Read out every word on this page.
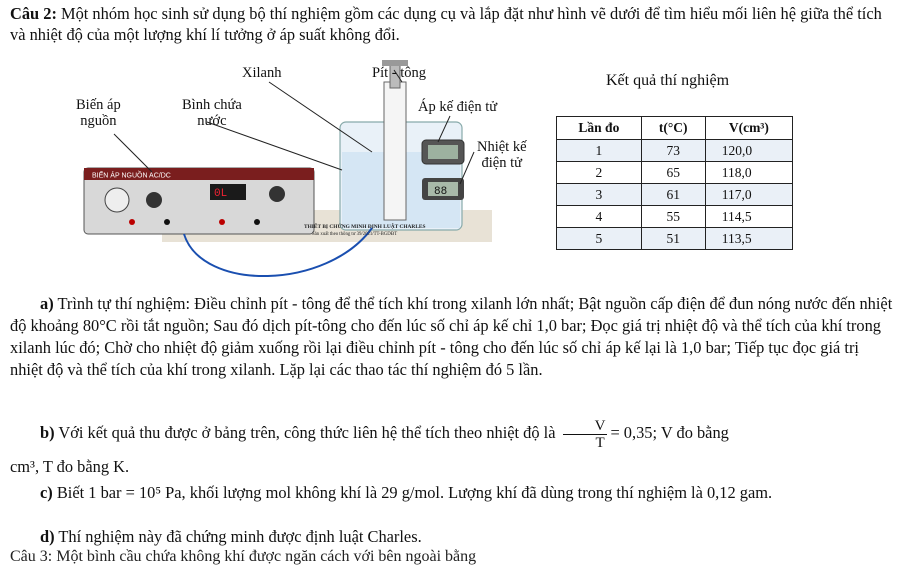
Câu 2: Một nhóm học sinh sử dụng bộ thí nghiệm gồm các dụng cụ và lắp đặt như hình vẽ dưới để tìm hiểu mối liên hệ giữa thể tích và nhiệt độ của một lượng khí lí tưởng ở áp suất không đổi.
BIẾN ÁP NGUỒN AC/DC
0L	88
THIẾT BỊ CHỨNG MINH ĐỊNH LUẬT CHARLES
Sản xuất theo thông tư 39/2021/TT-BGDĐT
Xilanh	Pít - tông
Biến áp
nguồn
Bình chứa
nước
Áp kế điện tử
Nhiệt kế
điện tử
Kết quả thí nghiệm
Lần đo	t(°C)	V(cm³)
1	73	120,0
2	65	118,0
3	61	117,0
4	55	114,5
5	51	113,5
a) Trình tự thí nghiệm: Điều chỉnh pít - tông để thể tích khí trong xilanh lớn nhất; Bật nguồn cấp điện để đun nóng nước đến nhiệt độ khoảng 80°C rồi tắt nguồn; Sau đó dịch pít-tông cho đến lúc số chỉ áp kế chỉ 1,0 bar; Đọc giá trị nhiệt độ và thể tích của khí trong xilanh lúc đó; Chờ cho nhiệt độ giảm xuống rồi lại điều chỉnh pít - tông cho đến lúc số chỉ áp kế lại là 1,0 bar; Tiếp tục đọc giá trị nhiệt độ và thể tích của khí trong xilanh. Lặp lại các thao tác thí nghiệm đó 5 lần.
b) Với kết quả thu được ở bảng trên, công thức liên hệ thể tích theo nhiệt độ là $\frac{V}{T} = 0,35$; V đo bằng
cm³, T đo bằng K.
c) Biết 1 bar = 10⁵ Pa, khối lượng mol không khí là 29 g/mol. Lượng khí đã dùng trong thí nghiệm là 0,12 gam.
d) Thí nghiệm này đã chứng minh được định luật Charles.
Câu 3: Một bình cầu chứa không khí được ngăn cách với bên ngoài bằng
